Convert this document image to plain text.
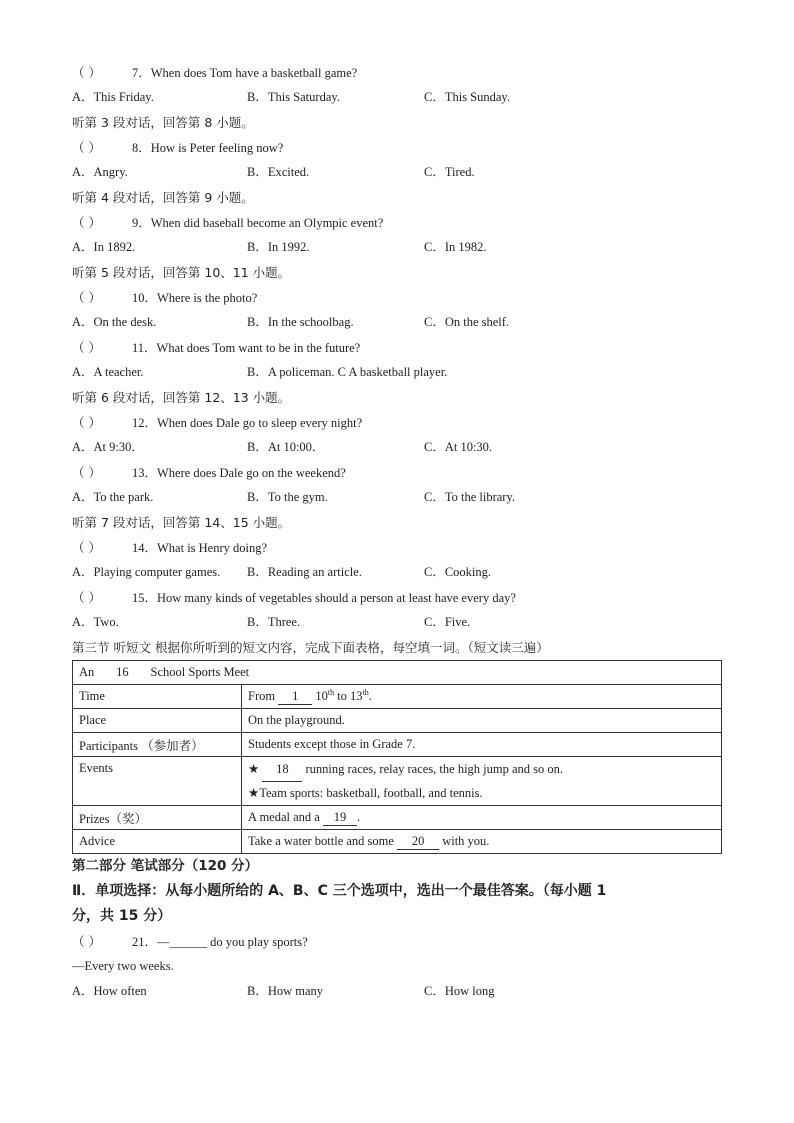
（ ） 7．When does Tom have a basketball game?
A．This Friday.	B．This Saturday.	C．This Sunday.
听第 3 段对话，回答第 8 小题。
（ ） 8．How is Peter feeling now?
A．Angry.	B．Excited.	C．Tired.
听第 4 段对话，回答第 9 小题。
（ ） 9．When did baseball become an Olympic event?
A．In 1892.	B．In 1992.	C．In 1982.
听第 5 段对话，回答第 10、11 小题。
（ ） 10．Where is the photo?
A．On the desk.	B．In the schoolbag.	C．On the shelf.
（ ） 11．What does Tom want to be in the future?
A．A teacher.	B．A policeman. C A basketball player.
听第 6 段对话，回答第 12、13 小题。
（ ） 12．When does Dale go to sleep every night?
A．At 9:30．	B．At 10:00．	C．At 10:30.
（ ） 13．Where does Dale go on the weekend?
A．To the park.	B．To the gym.	C．To the library.
听第 7 段对话，回答第 14、15 小题。
（ ） 14．What is Henry doing?
A．Playing computer games. B．Reading an article.	C．Cooking.
（ ） 15．How many kinds of vegetables should a person at least have every day?
A．Two.	B．Three.	C．Five.
第三节 听短文 根据你所听到的短文内容，完成下面表格，每空填一词。（短文读三遍）
An 16 School Sports Meet	
Time	From 1 10th to 13th.
Place	On the playground.
Participants （参加者）	Students except those in Grade 7.
Events	★ 18 running races, relay races, the high jump and so on.
★Team sports: basketball, football, and tennis.

Prizes（奖）	A medal and a 19 .
Advice	Take a water bottle and some 20 with you.
第二部分 笔试部分（120 分）
Ⅱ．单项选择：从每小题所给的 A、B、C 三个选项中，选出一个最佳答案。（每小题 1
分，共 15 分）
（ ） 21．—______ do you play sports?
—Every two weeks.
A．How often	B．How many	C．How long
